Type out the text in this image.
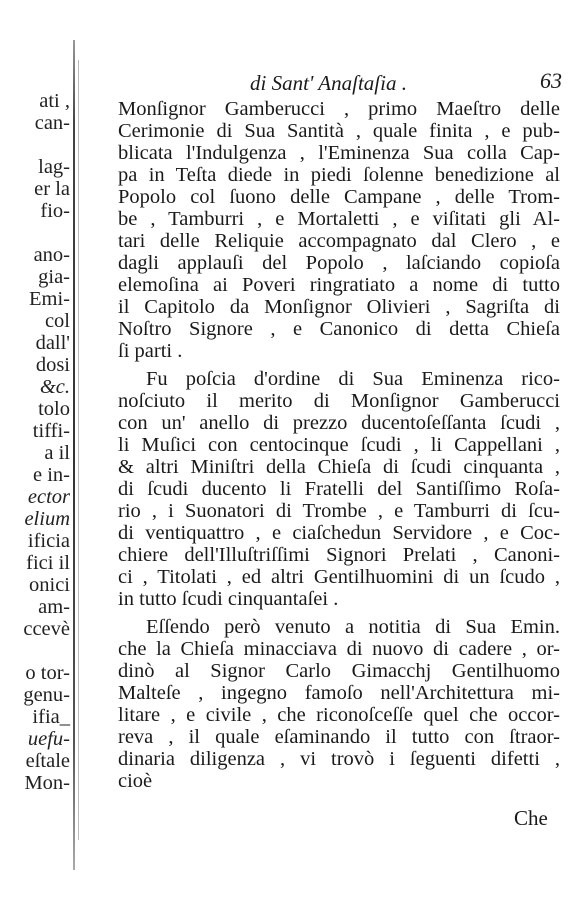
ati ,
can-
lag-
er la
fio-
ano-
gia-
Emi-
col
dall'
dosi
&c.
tolo
tiffi-
a il
e in-
ector
elium
ificia
fici il
onici
am-
ccevè
o tor-
genu-
ifia_
uefu-
eſtale
Mon-
di Sant' Anaſtaſia .	63
Monſignor Gamberucci , primo Maeſtro delle
Cerimonie di Sua Santità , quale finita , e pub-
blicata l'Indulgenza , l'Eminenza Sua colla Cap-
pa in Teſta diede in piedi ſolenne benedizione al
Popolo col ſuono delle Campane , delle Trom-
be , Tamburri , e Mortaletti , e viſitati gli Al-
tari delle Reliquie accompagnato dal Clero , e
dagli applauſi del Popolo , laſciando copioſa
elemoſina ai Poveri ringratiato a nome di tutto
il Capitolo da Monſignor Olivieri , Sagriſta di
Noſtro Signore , e Canonico di detta Chieſa
ſi parti .
Fu poſcia d'ordine di Sua Eminenza rico-
noſciuto il merito di Monſignor Gamberucci
con un' anello di prezzo ducentoſeſſanta ſcudi ,
li Muſici con centocinque ſcudi , li Cappellani ,
& altri Miniſtri della Chieſa di ſcudi cinquanta ,
di ſcudi ducento li Fratelli del Santiſſimo Roſa-
rio , i Suonatori di Trombe , e Tamburri di ſcu-
di ventiquattro , e ciaſchedun Servidore , e Coc-
chiere dell'Illuſtriſſimi Signori Prelati , Canoni-
ci , Titolati , ed altri Gentilhuomini di un ſcudo ,
in tutto ſcudi cinquantaſei .
Eſſendo però venuto a notitia di Sua Emin.
che la Chieſa minacciava di nuovo di cadere , or-
dinò al Signor Carlo Gimacchj Gentilhuomo
Malteſe , ingegno famoſo nell'Architettura mi-
litare , e civile , che riconoſceſſe quel che occor-
reva , il quale eſaminando il tutto con ſtraor-
dinaria diligenza , vi trovò i ſeguenti difetti ,
cioè
Che
